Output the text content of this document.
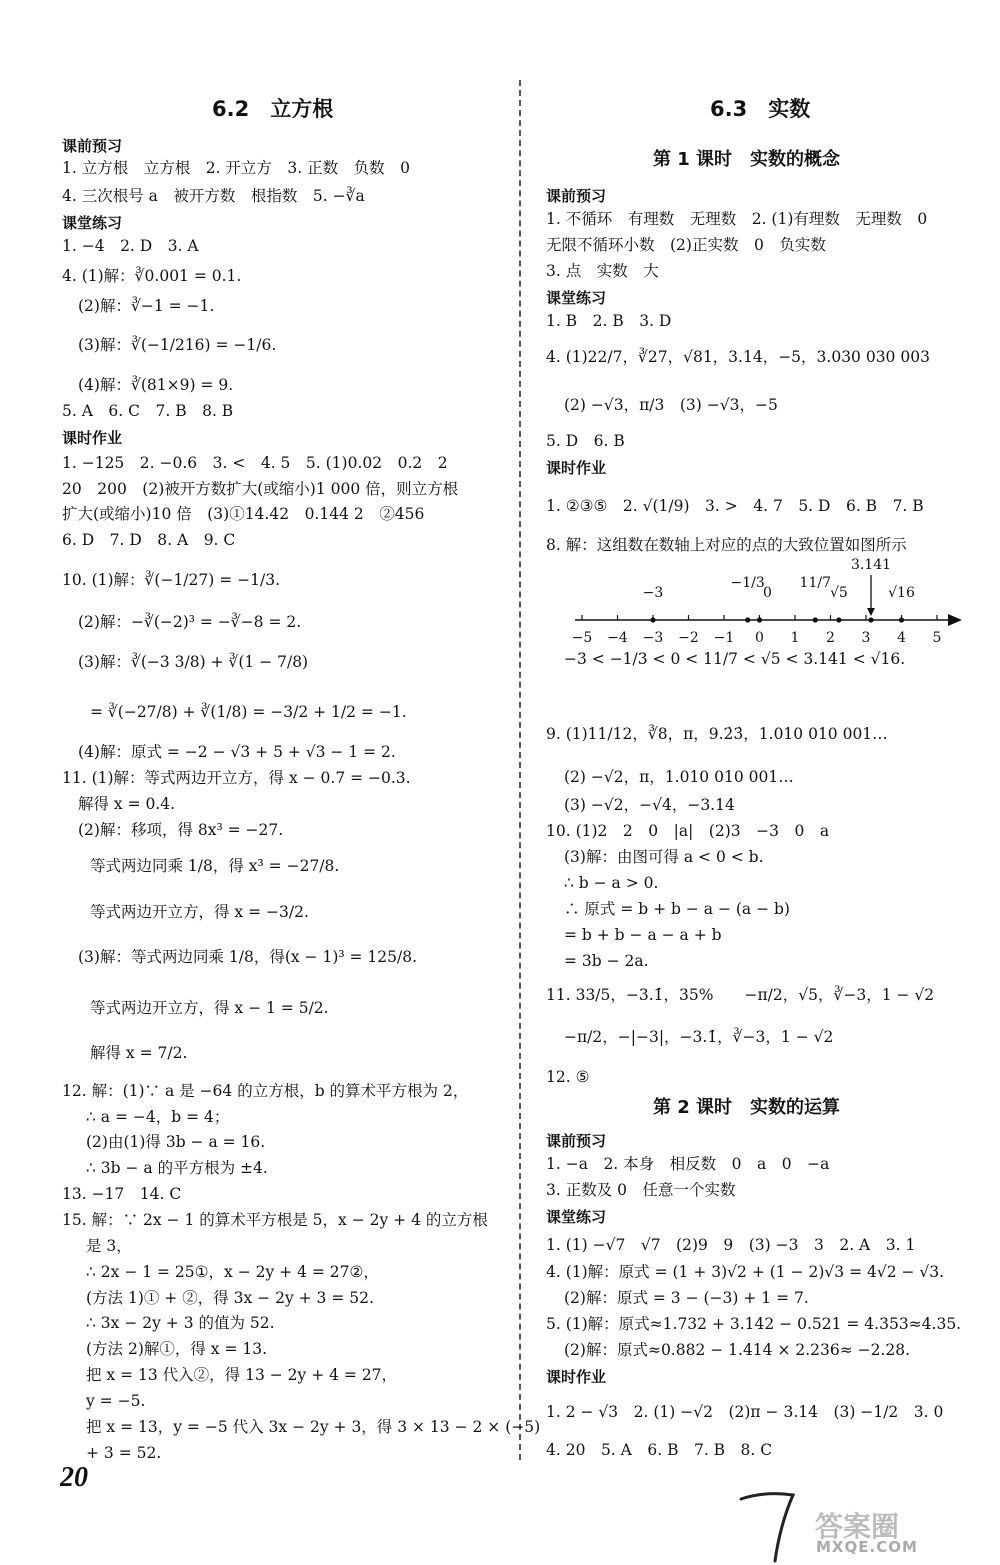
6.2　立方根
课前预习
1. 立方根　立方根　2. 开立方　3. 正数　负数　0
4. 三次根号 a　被开方数　根指数　5. −∛a
课堂练习
1. −4　2. D　3. A
4. (1)解：∛0.001 = 0.1.
(2)解：∛−1 = −1.
(3)解：∛(−1/216) = −1/6.
(4)解：∛(81×9) = 9.
5. A　6. C　7. B　8. B
课时作业
1. −125　2. −0.6　3. <　4. 5　5. (1)0.02　0.2　2
20　200　(2)被开方数扩大(或缩小)1 000 倍，则立方根
扩大(或缩小)10 倍　(3)①14.42　0.144 2　②456
6. D　7. D　8. A　9. C
10. (1)解：∛(−1/27) = −1/3.
(2)解：−∛(−2)³ = −∛−8 = 2.
(3)解：∛(−3 3/8) + ∛(1 − 7/8)
= ∛(−27/8) + ∛(1/8) = −3/2 + 1/2 = −1.
(4)解：原式 = −2 − √3 + 5 + √3 − 1 = 2.
11. (1)解：等式两边开立方，得 x − 0.7 = −0.3.
解得 x = 0.4.
(2)解：移项，得 8x³ = −27.
等式两边同乘 1/8，得 x³ = −27/8.
等式两边开立方，得 x = −3/2.
(3)解：等式两边同乘 1/8，得(x − 1)³ = 125/8.
等式两边开立方，得 x − 1 = 5/2.
解得 x = 7/2.
12. 解：(1)∵ a 是 −64 的立方根，b 的算术平方根为 2，
∴ a = −4，b = 4；
(2)由(1)得 3b − a = 16.
∴ 3b − a 的平方根为 ±4.
13. −17　14. C
15. 解：∵ 2x − 1 的算术平方根是 5，x − 2y + 4 的立方根
是 3，
∴ 2x − 1 = 25①，x − 2y + 4 = 27②，
(方法 1)① + ②，得 3x − 2y + 3 = 52.
∴ 3x − 2y + 3 的值为 52.
(方法 2)解①，得 x = 13.
把 x = 13 代入②，得 13 − 2y + 4 = 27，
y = −5.
把 x = 13，y = −5 代入 3x − 2y + 3，得 3 × 13 − 2 × (−5)
+ 3 = 52.
6.3　实数
第 1 课时　实数的概念
课前预习
1. 不循环　有理数　无理数　2. (1)有理数　无理数　0
无限不循环小数　(2)正实数　0　负实数
3. 点　实数　大
课堂练习
1. B　2. B　3. D
4. (1)22/7，∛27，√81，3.14，−5，3.030 030 003
(2) −√3，π/3　(3) −√3，−5
5. D　6. B
课时作业
1. ②③⑤　2. √(1/9)　3. >　4. 7　5. D　6. B　7. B
8. 解：这组数在数轴上对应的点的大致位置如图所示
−3 < −1/3 < 0 < 11/7 < √5 < 3.141 < √16.
9. (1)11/12，∛8，π，9.2̇3̇，1.010 010 001…
(2) −√2，π，1.010 010 001…
(3) −√2，−√4，−3.14
10. (1)2　2　0　|a|　(2)3　−3　0　a
(3)解：由图可得 a < 0 < b.
∴ b − a > 0.
∴ 原式 = b + b − a − (a − b)
= b + b − a − a + b
= 3b − 2a.
11. 33/5，−3.1̇，35%　　−π/2，√5，∛−3，1 − √2
−π/2，−|−3|，−3.1̇，∛−3，1 − √2
12. ⑤
第 2 课时　实数的运算
课前预习
1. −a　2. 本身　相反数　0　a　0　−a
3. 正数及 0　任意一个实数
课堂练习
1. (1) −√7　√7　(2)9　9　(3) −3　3　2. A　3. 1
4. (1)解：原式 = (1 + 3)√2 + (1 − 2)√3 = 4√2 − √3.
(2)解：原式 = 3 − (−3) + 1 = 7.
5. (1)解：原式≈1.732 + 3.142 − 0.521 = 4.353≈4.35.
(2)解：原式≈0.882 − 1.414 × 2.236≈ −2.28.
课时作业
1. 2 − √3　2. (1) −√2　(2)π − 3.14　(3) −1/2　3. 0
4. 20　5. A　6. B　7. B　8. C
−5 −4 −3 −2 −1 0 1 2 3 4 5
−3
−1/3
0
11/7
√5
3.141
√16
20
答案圈
MXQE.COM
